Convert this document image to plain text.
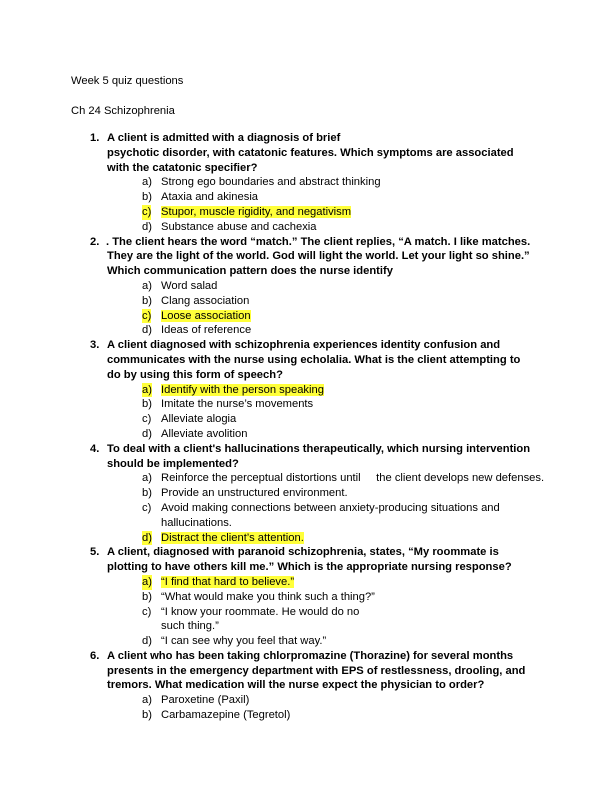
Week 5 quiz questions
Ch 24 Schizophrenia
1. A client is admitted with a diagnosis of brief
psychotic disorder, with catatonic features. Which symptoms are associated with the catatonic specifier?
a) Strong ego boundaries and abstract thinking
b) Ataxia and akinesia
c) Stupor, muscle rigidity, and negativism
d) Substance abuse and cachexia
2. . The client hears the word “match.” The client replies, “A match. I like matches. They are the light of the world. God will light the world. Let your light so shine.” Which communication pattern does the nurse identify
a) Word salad
b) Clang association
c) Loose association
d) Ideas of reference
3. A client diagnosed with schizophrenia experiences identity confusion and communicates with the nurse using echolalia. What is the client attempting to do by using this form of speech?
a) Identify with the person speaking
b) Imitate the nurse’s movements
c) Alleviate alogia
d) Alleviate avolition
4. To deal with a client's hallucinations therapeutically, which nursing intervention should be implemented?
a) Reinforce the perceptual distortions until     the client develops new defenses.
b) Provide an unstructured environment.
c) Avoid making connections between anxiety-producing situations and hallucinations.
d) Distract the client’s attention.
5. A client, diagnosed with paranoid schizophrenia, states, “My roommate is plotting to have others kill me.” Which is the appropriate nursing response?
a) “I find that hard to believe.”
b) “What would make you think such a thing?”
c) “I know your roommate. He would do no
such thing.”
d) “I can see why you feel that way.”
6. A client who has been taking chlorpromazine (Thorazine) for several months presents in the emergency department with EPS of restlessness, drooling, and tremors. What medication will the nurse expect the physician to order?
a) Paroxetine (Paxil)
b) Carbamazepine (Tegretol)
